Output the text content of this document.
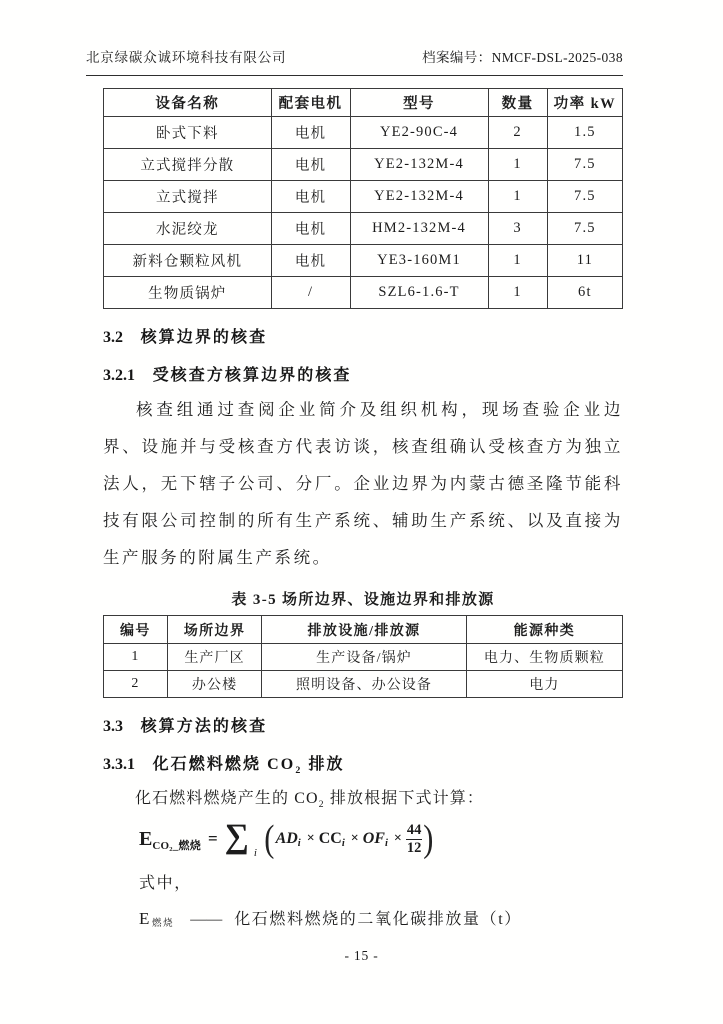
北京绿碳众诚环境科技有限公司	档案编号：NMCF-DSL-2025-038
设备名称	配套电机	型号	数量	功率 kW
卧式下料	电机	YE2-90C-4	2	1.5
立式搅拌分散	电机	YE2-132M-4	1	7.5
立式搅拌	电机	YE2-132M-4	1	7.5
水泥绞龙	电机	HM2-132M-4	3	7.5
新料仓颗粒风机	电机	YE3-160M1	1	11
生物质锅炉	/	SZL6-1.6-T	1	6t
3.2 核算边界的核查
3.2.1 受核查方核算边界的核查

核查组通过查阅企业简介及组织机构，现场查验企业边界、设施并与受核查方代表访谈，核查组确认受核查方为独立法人，无下辖子公司、分厂。企业边界为内蒙古德圣隆节能科技有限公司控制的所有生产系统、辅助生产系统、以及直接为生产服务的附属生产系统。

表 3-5 场所边界、设施边界和排放源
编号	场所边界	排放设施/排放源	能源种类
1	生产厂区	生产设备/锅炉	电力、生物质颗粒
2	办公楼	照明设备、办公设备	电力
3.3 核算方法的核查
3.3.1 化石燃料燃烧 $CO_2$ 排放

化石燃料燃烧产生的 $CO_2$ 排放根据下式计算：

E CO₂_燃烧 = ∑ i ( AD i × CC i × OF $i \times \frac{44}{12}$ )
式中，
E燃烧 —— 化石燃料燃烧的二氧化碳排放量（t）
- 15 -
